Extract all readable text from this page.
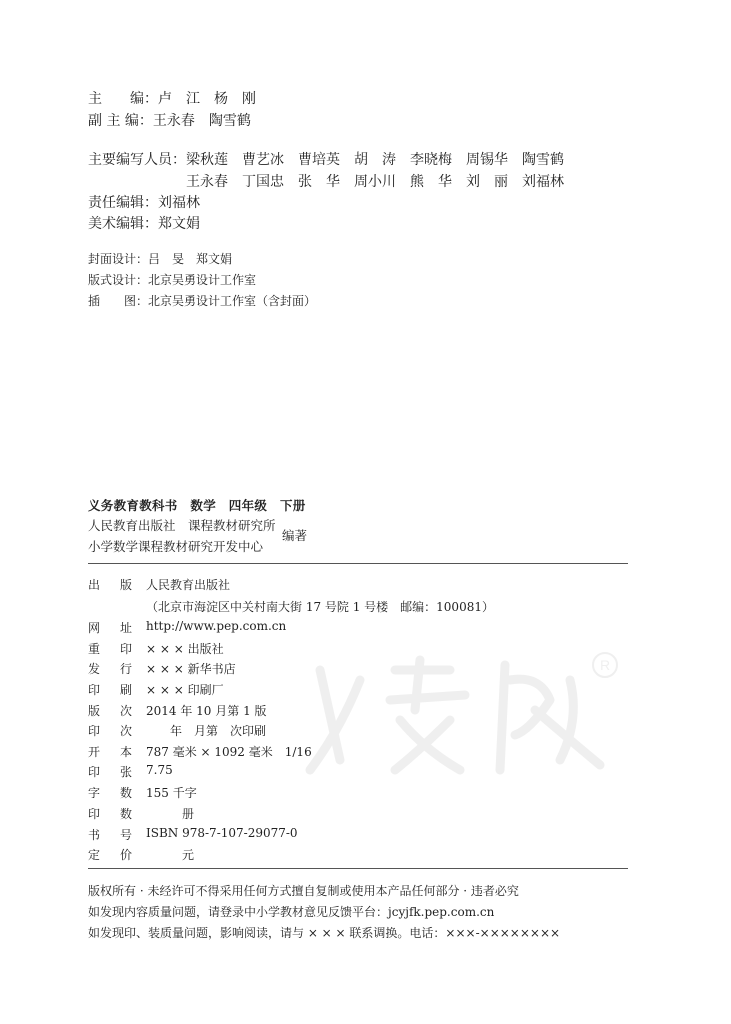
主　　编：卢　江　杨　刚
副 主 编：王永春　陶雪鹤
主要编写人员：梁秋莲　曹艺冰　曹培英　胡　涛　李晓梅　周锡华　陶雪鹤
王永春　丁国忠　张　华　周小川　熊　华　刘　丽　刘福林
责任编辑：刘福林
美术编辑：郑文娟
封面设计：吕　旻　郑文娟
版式设计：北京吴勇设计工作室
插　　图：北京吴勇设计工作室（含封面）
义务教育教科书　数学　四年级　下册
人民教育出版社　课程教材研究所
小学数学课程教材研究开发中心
编著
R
出 版 人民教育出版社
（北京市海淀区中关村南大街 17 号院 1 号楼　邮编：100081）
网 址 http://www.pep.com.cn
重 印 × × × 出版社
发 行 × × × 新华书店
印 刷 × × × 印刷厂
版 次 2014 年 10 月第 1 版
印 次 　　年　月第　次印刷
开 本 787 毫米 × 1092 毫米　1/16
印 张 7.75
字 数 155 千字
印 数 　　　册
书 号 ISBN 978-7-107-29077-0
定 价 　　　元
版权所有 · 未经许可不得采用任何方式擅自复制或使用本产品任何部分 · 违者必究
如发现内容质量问题，请登录中小学教材意见反馈平台：jcyjfk.pep.com.cn
如发现印、装质量问题，影响阅读，请与 × × × 联系调换。电话：×××-××××××××
